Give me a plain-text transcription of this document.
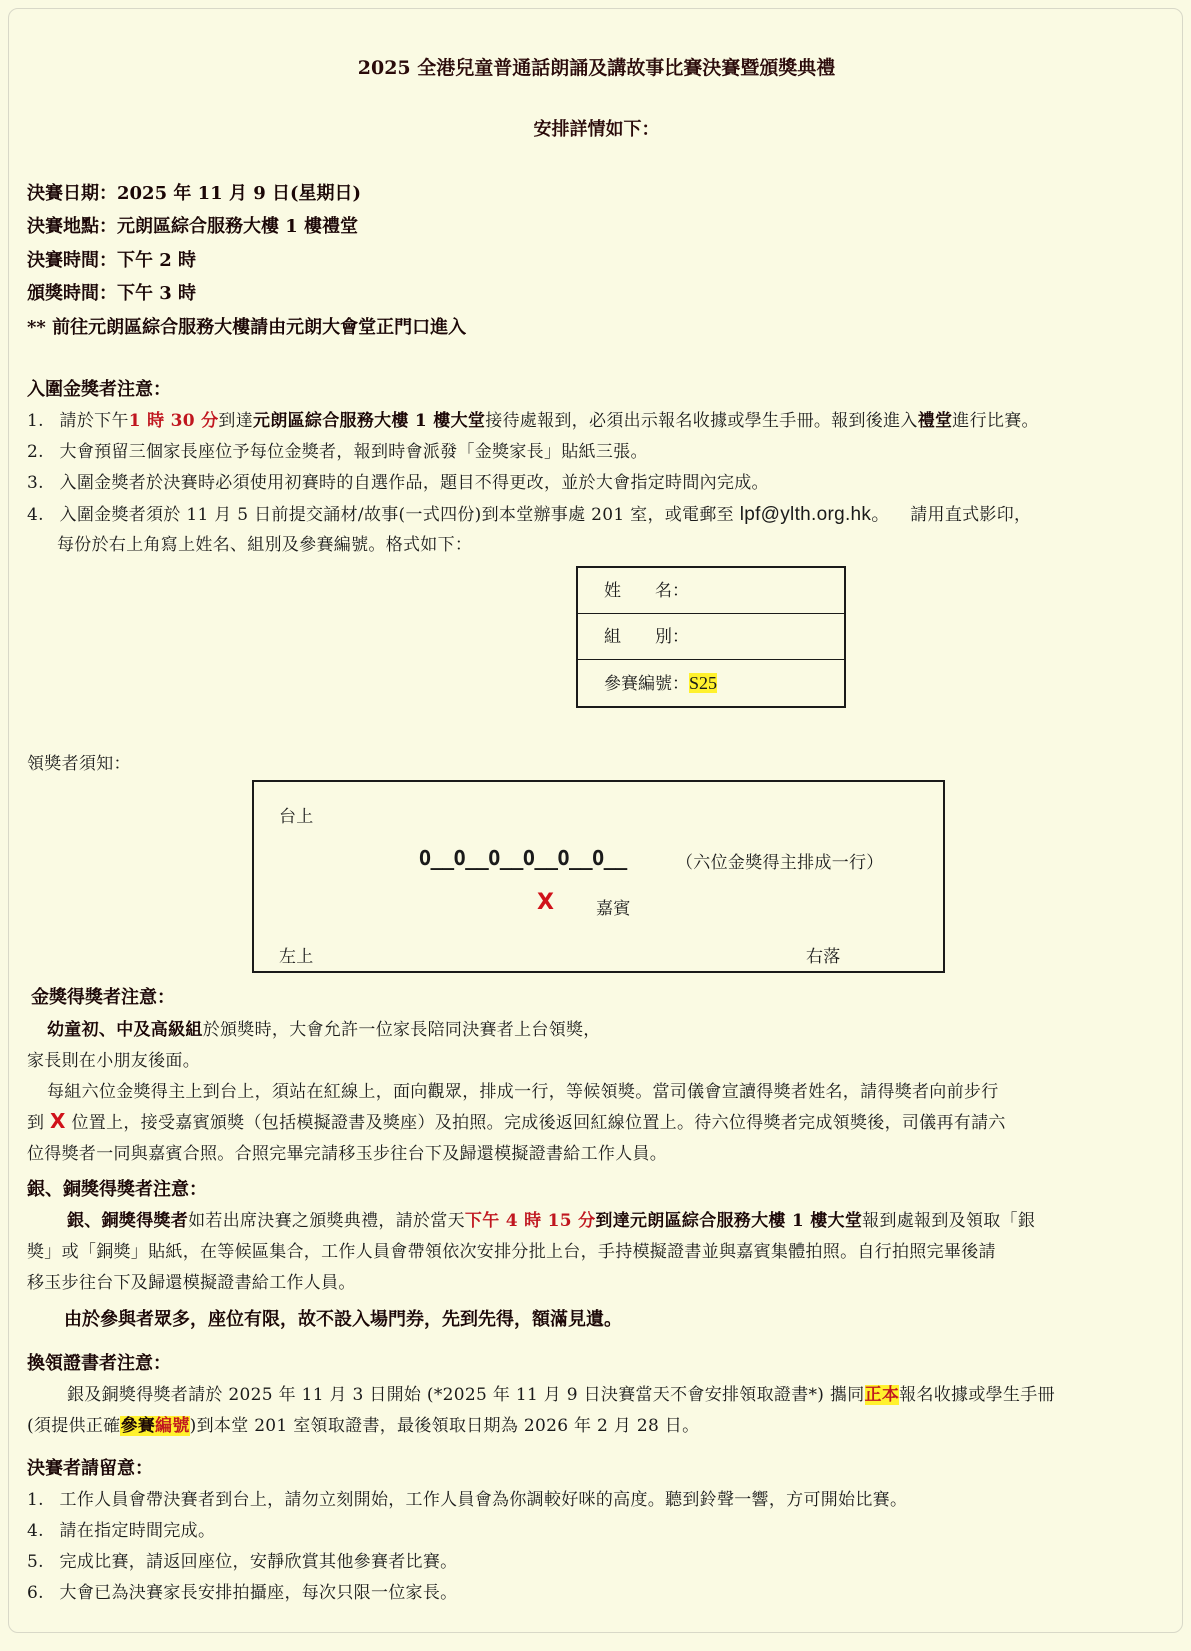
2025 全港兒童普通話朗誦及講故事比賽決賽暨頒獎典禮
安排詳情如下：
決賽日期：2025 年 11 月 9 日(星期日)
決賽地點：元朗區綜合服務大樓 1 樓禮堂
決賽時間：下午 2 時
頒獎時間：下午 3 時
** 前往元朗區綜合服務大樓請由元朗大會堂正門口進入
入圍金獎者注意：
1. 請於下午1 時 30 分到達元朗區綜合服務大樓 1 樓大堂接待處報到，必須出示報名收據或學生手冊。報到後進入禮堂進行比賽。
2. 大會預留三個家長座位予每位金獎者，報到時會派發「金獎家長」貼紙三張。
3. 入圍金獎者於決賽時必須使用初賽時的自選作品，題目不得更改，並於大會指定時間內完成。
4. 入圍金獎者須於 11 月 5 日前提交誦材/故事(一式四份)到本堂辦事處 201 室，或電郵至 lpf@ylth.org.hk。 請用直式影印，
每份於右上角寫上姓名、組別及參賽編號。格式如下：
姓　　名：
組　　別：
參賽編號：S25
領獎者須知：
台上
O__O__O__O__O__O__	（六位金獎得主排成一行）
X 嘉賓
左上	右落
金獎得獎者注意：
幼童初、中及高級組於頒獎時，大會允許一位家長陪同決賽者上台領獎，
家長則在小朋友後面。
每組六位金獎得主上到台上，須站在紅線上，面向觀眾，排成一行，等候領獎。當司儀會宣讀得獎者姓名，請得獎者向前步行
到 X 位置上，接受嘉賓頒獎（包括模擬證書及獎座）及拍照。完成後返回紅線位置上。待六位得獎者完成領獎後，司儀再有請六
位得獎者一同與嘉賓合照。合照完畢完請移玉步往台下及歸還模擬證書給工作人員。
銀、銅獎得獎者注意：
銀、銅獎得獎者如若出席決賽之頒獎典禮，請於當天下午 4 時 15 分到達元朗區綜合服務大樓 1 樓大堂報到處報到及領取「銀
獎」或「銅獎」貼紙，在等候區集合，工作人員會帶領依次安排分批上台，手持模擬證書並與嘉賓集體拍照。自行拍照完畢後請
移玉步往台下及歸還模擬證書給工作人員。
由於參與者眾多，座位有限，故不設入場門券，先到先得，額滿見遺。
換領證書者注意：
銀及銅獎得獎者請於 2025 年 11 月 3 日開始 (*2025 年 11 月 9 日決賽當天不會安排領取證書*) 攜同正本報名收據或學生手冊
(須提供正確參賽編號)到本堂 201 室領取證書，最後領取日期為 2026 年 2 月 28 日。
決賽者請留意：
1. 工作人員會帶決賽者到台上，請勿立刻開始，工作人員會為你調較好咪的高度。聽到鈴聲一響，方可開始比賽。
4. 請在指定時間完成。
5. 完成比賽，請返回座位，安靜欣賞其他參賽者比賽。
6. 大會已為決賽家長安排拍攝座，每次只限一位家長。
